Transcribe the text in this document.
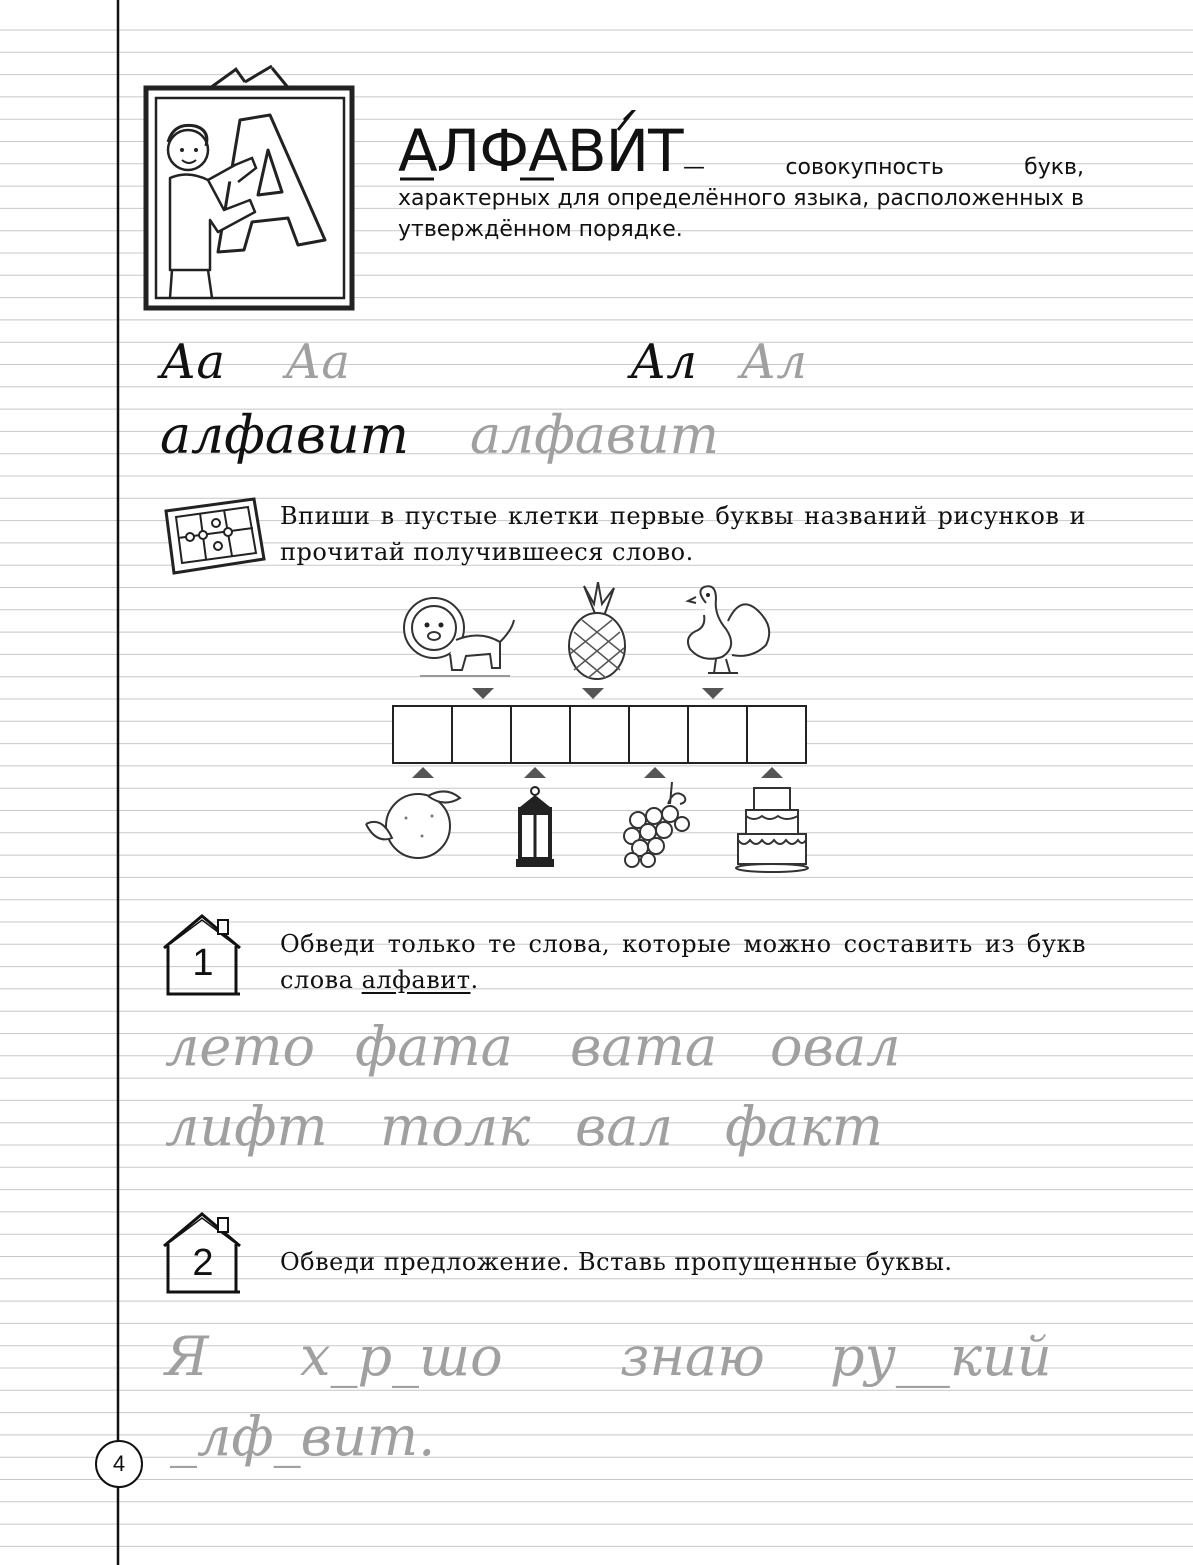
АЛФАВИТ —	совокупность букв, характерных для определённого языка, расположенных в утверждённом порядке.
Аа Аа	Ал Ал
алфавит алфавит
Впиши в пустые клетки первые буквы названий рисунков и прочитай получившееся слово.
1	Обведи только те слова, которые можно составить из букв слова алфавит.
лето фата вата овал
лифт толк вал факт
2	Обведи предложение. Вставь пропущенные буквы.
Я х_р_шо знаю ру__кий
_лф_вит.
4
